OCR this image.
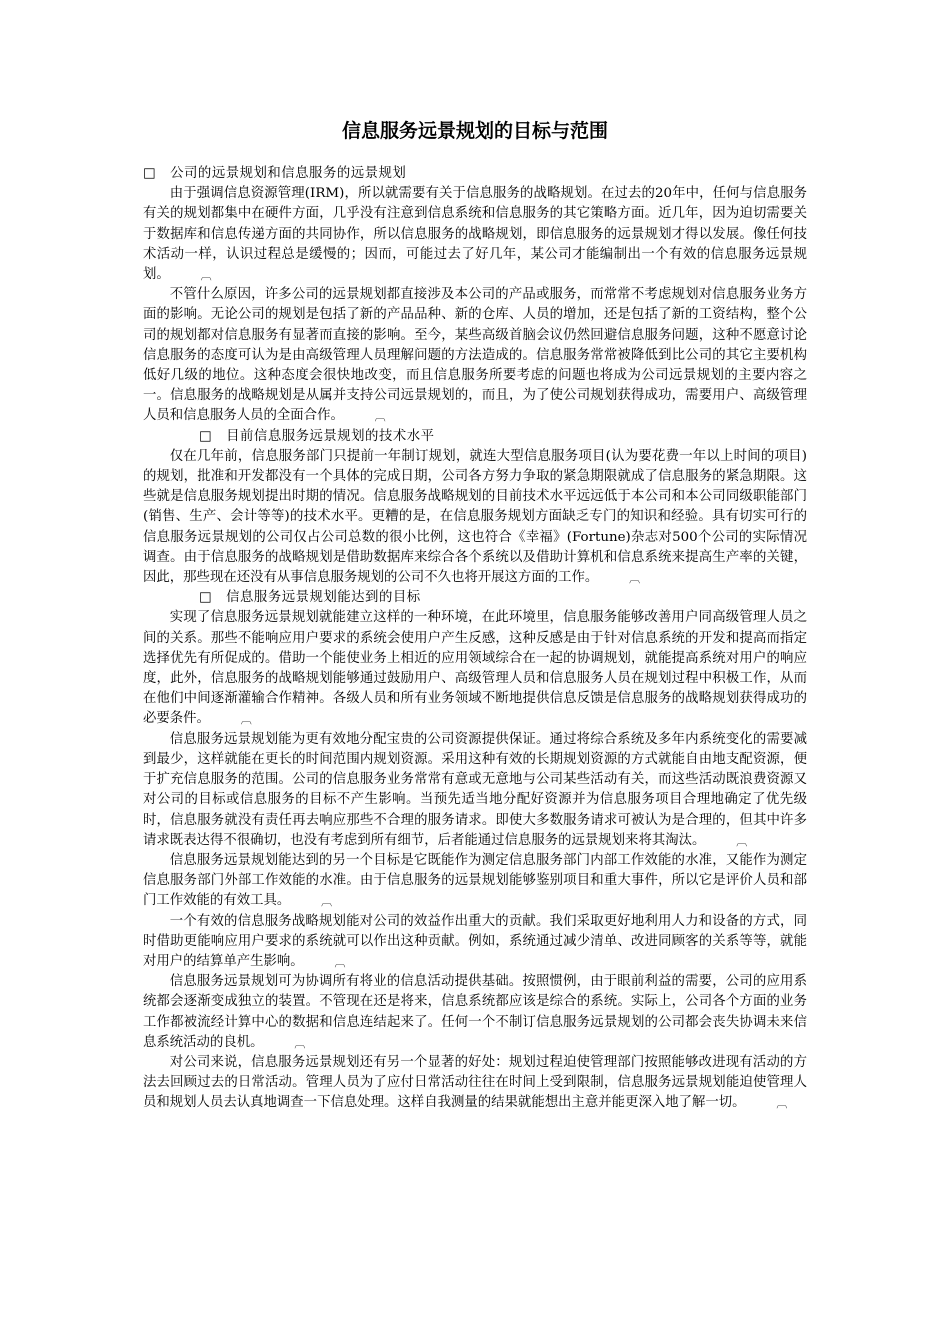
信息服务远景规划的目标与范围

□ 公司的远景规划和信息服务的远景规划

由于强调信息资源管理(IRM)，所以就需要有关于信息服务的战略规划。在过去的20年中，任何与信息服务有关的规划都集中在硬件方面，几乎没有注意到信息系统和信息服务的其它策略方面。近几年，因为迫切需要关于数据库和信息传递方面的共同协作，所以信息服务的战略规划，即信息服务的远景规划才得以发展。像任何技术活动一样，认识过程总是缓慢的；因而，可能过去了好几年，某公司才能编制出一个有效的信息服务远景规划。	︹

不管什么原因，许多公司的远景规划都直接涉及本公司的产品或服务，而常常不考虑规划对信息服务业务方面的影响。无论公司的规划是包括了新的产品品种、新的仓库、人员的增加，还是包括了新的工资结构，整个公司的规划都对信息服务有显著而直接的影响。至今，某些高级首脑会议仍然回避信息服务问题，这种不愿意讨论信息服务的态度可认为是由高级管理人员理解问题的方法造成的。信息服务常常被降低到比公司的其它主要机构低好几级的地位。这种态度会很快地改变，而且信息服务所要考虑的问题也将成为公司远景规划的主要内容之一。信息服务的战略规划是从属并支持公司远景规划的，而且，为了使公司规划获得成功，需要用户、高级管理人员和信息服务人员的全面合作。	︹

□ 目前信息服务远景规划的技术水平

仅在几年前，信息服务部门只提前一年制订规划，就连大型信息服务项目(认为要花费一年以上时间的项目)的规划，批准和开发都没有一个具体的完成日期，公司各方努力争取的紧急期限就成了信息服务的紧急期限。这些就是信息服务规划提出时期的情况。信息服务战略规划的目前技术水平远远低于本公司和本公司同级职能部门(销售、生产、会计等等)的技术水平。更糟的是，在信息服务规划方面缺乏专门的知识和经验。具有切实可行的信息服务远景规划的公司仅占公司总数的很小比例，这也符合《幸福》(Fortune)杂志对500个公司的实际情况调查。由于信息服务的战略规划是借助数据库来综合各个系统以及借助计算机和信息系统来提高生产率的关键，因此，那些现在还没有从事信息服务规划的公司不久也将开展这方面的工作。	︹

□ 信息服务远景规划能达到的目标

实现了信息服务远景规划就能建立这样的一种环境，在此环境里，信息服务能够改善用户同高级管理人员之间的关系。那些不能响应用户要求的系统会使用户产生反感，这种反感是由于针对信息系统的开发和提高而指定选择优先有所促成的。借助一个能使业务上相近的应用领域综合在一起的协调规划，就能提高系统对用户的响应度，此外，信息服务的战略规划能够通过鼓励用户、高级管理人员和信息服务人员在规划过程中积极工作，从而在他们中间逐渐灌输合作精神。各级人员和所有业务领域不断地提供信息反馈是信息服务的战略规划获得成功的必要条件。	︹

信息服务远景规划能为更有效地分配宝贵的公司资源提供保证。通过将综合系统及多年内系统变化的需要减到最少，这样就能在更长的时间范围内规划资源。采用这种有效的长期规划资源的方式就能自由地支配资源，便于扩充信息服务的范围。公司的信息服务业务常常有意或无意地与公司某些活动有关，而这些活动既浪费资源又对公司的目标或信息服务的目标不产生影响。当预先适当地分配好资源并为信息服务项目合理地确定了优先级时，信息服务就没有责任再去响应那些不合理的服务请求。即使大多数服务请求可被认为是合理的，但其中许多请求既表达得不很确切，也没有考虑到所有细节，后者能通过信息服务的远景规划来将其淘汰。	︹

信息服务远景规划能达到的另一个目标是它既能作为测定信息服务部门内部工作效能的水准，又能作为测定信息服务部门外部工作效能的水准。由于信息服务的远景规划能够鉴别项目和重大事件，所以它是评价人员和部门工作效能的有效工具。	︹

一个有效的信息服务战略规划能对公司的效益作出重大的贡献。我们采取更好地利用人力和设备的方式，同时借助更能响应用户要求的系统就可以作出这种贡献。例如，系统通过减少清单、改进同顾客的关系等等，就能对用户的结算单产生影响。	︹

信息服务远景规划可为协调所有将业的信息活动提供基础。按照惯例，由于眼前利益的需要，公司的应用系统都会逐渐变成独立的装置。不管现在还是将来，信息系统都应该是综合的系统。实际上，公司各个方面的业务工作都被流经计算中心的数据和信息连结起来了。任何一个不制订信息服务远景规划的公司都会丧失协调未来信息系统活动的良机。	︹

对公司来说，信息服务远景规划还有另一个显著的好处：规划过程迫使管理部门按照能够改进现有活动的方法去回顾过去的日常活动。管理人员为了应付日常活动往往在时间上受到限制，信息服务远景规划能迫使管理人员和规划人员去认真地调查一下信息处理。这样自我测量的结果就能想出主意并能更深入地了解一切。	︹
